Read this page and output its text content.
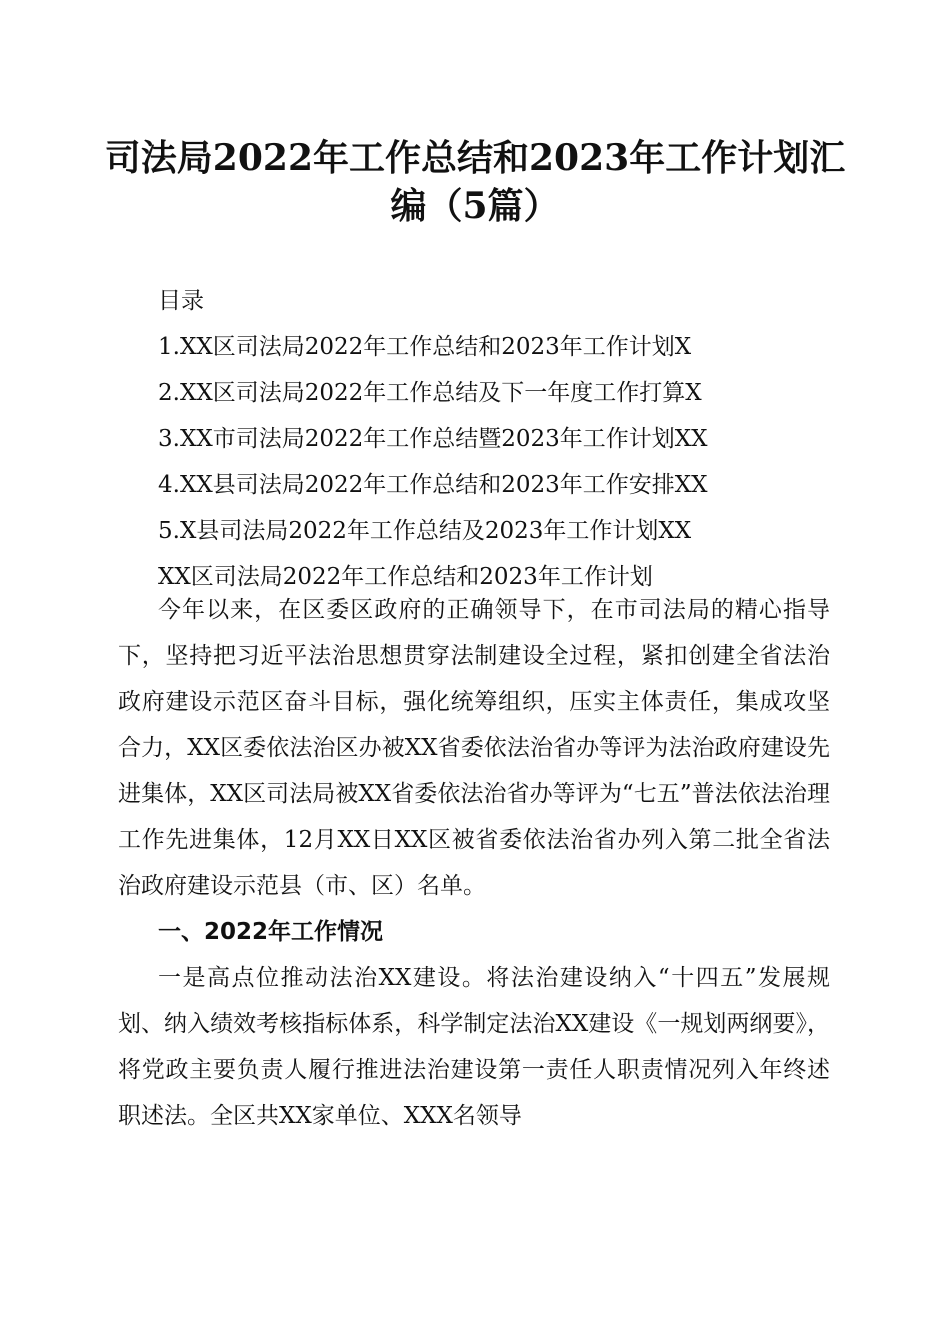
司法局2022年工作总结和2023年工作计划汇编（5篇）
目录
1.XX区司法局2022年工作总结和2023年工作计划X
2.XX区司法局2022年工作总结及下一年度工作打算X
3.XX市司法局2022年工作总结暨2023年工作计划XX
4.XX县司法局2022年工作总结和2023年工作安排XX
5.X县司法局2022年工作总结及2023年工作计划XX
XX区司法局2022年工作总结和2023年工作计划

今年以来，在区委区政府的正确领导下，在市司法局的精心指导下，坚持把习近平法治思想贯穿法制建设全过程，紧扣创建全省法治政府建设示范区奋斗目标，强化统筹组织，压实主体责任，集成攻坚合力，XX区委依法治区办被XX省委依法治省办等评为法治政府建设先进集体，XX区司法局被XX省委依法治省办等评为“七五”普法依法治理工作先进集体，12月XX日XX区被省委依法治省办列入第二批全省法治政府建设示范县（市、区）名单。

一、2022年工作情况

一是高点位推动法治XX建设。将法治建设纳入“十四五”发展规划、纳入绩效考核指标体系，科学制定法治XX建设《一规划两纲要》，将党政主要负责人履行推进法治建设第一责任人职责情况列入年终述职述法。全区共XX家单位、XXX名领导
